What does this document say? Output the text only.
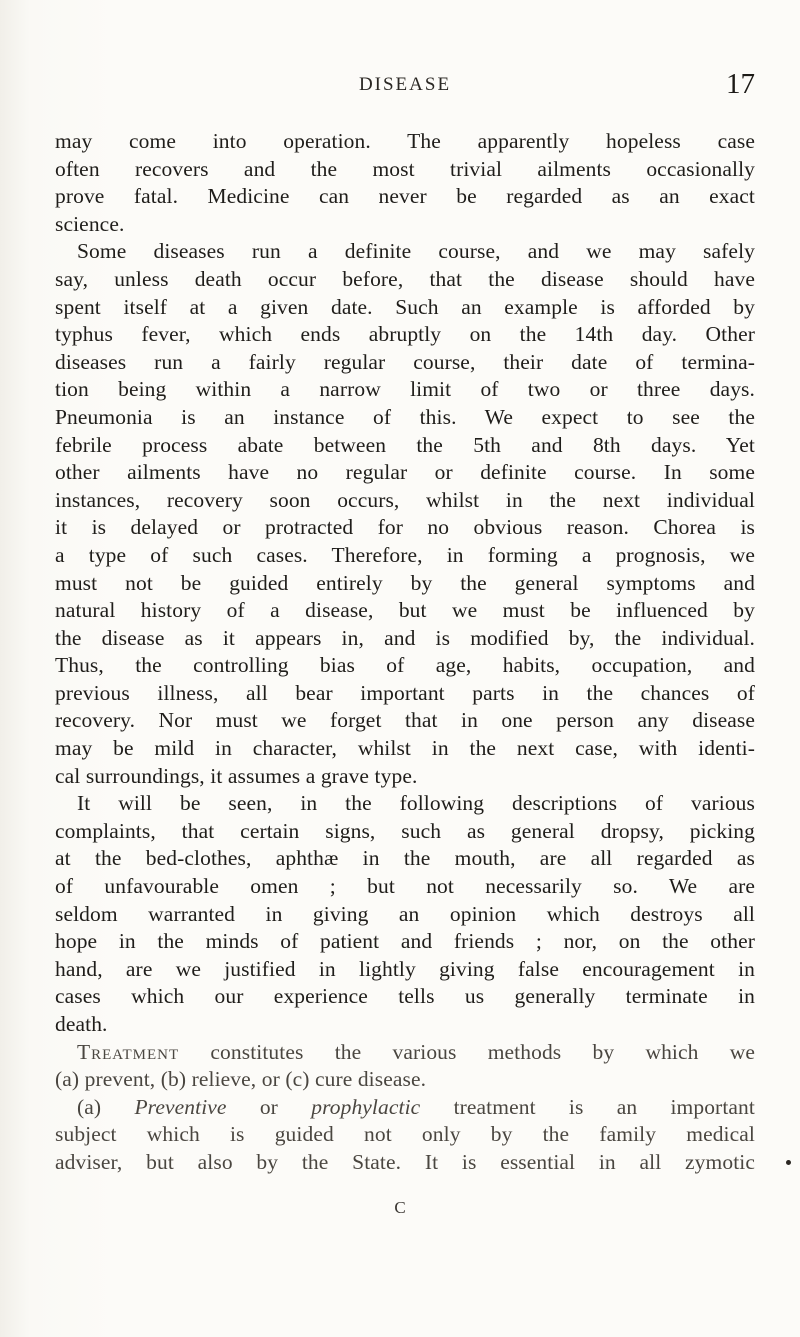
DISEASE	17
may come into operation. The apparently hopeless case
often recovers and the most trivial ailments occasionally
prove fatal. Medicine can never be regarded as an exact
science.
Some diseases run a definite course, and we may safely
say, unless death occur before, that the disease should have
spent itself at a given date. Such an example is afforded by
typhus fever, which ends abruptly on the 14th day. Other
diseases run a fairly regular course, their date of termina-
tion being within a narrow limit of two or three days.
Pneumonia is an instance of this. We expect to see the
febrile process abate between the 5th and 8th days. Yet
other ailments have no regular or definite course. In some
instances, recovery soon occurs, whilst in the next individual
it is delayed or protracted for no obvious reason. Chorea is
a type of such cases. Therefore, in forming a prognosis, we
must not be guided entirely by the general symptoms and
natural history of a disease, but we must be influenced by
the disease as it appears in, and is modified by, the individual.
Thus, the controlling bias of age, habits, occupation, and
previous illness, all bear important parts in the chances of
recovery. Nor must we forget that in one person any disease
may be mild in character, whilst in the next case, with identi-
cal surroundings, it assumes a grave type.
It will be seen, in the following descriptions of various
complaints, that certain signs, such as general dropsy, picking
at the bed-clothes, aphthæ in the mouth, are all regarded as
of unfavourable omen ; but not necessarily so. We are
seldom warranted in giving an opinion which destroys all
hope in the minds of patient and friends ; nor, on the other
hand, are we justified in lightly giving false encouragement in
cases which our experience tells us generally terminate in
death.
Treatment constitutes the various methods by which we
(a) prevent, (b) relieve, or (c) cure disease.
(a) Preventive or prophylactic treatment is an important
subject which is guided not only by the family medical
adviser, but also by the State. It is essential in all zymotic
C
